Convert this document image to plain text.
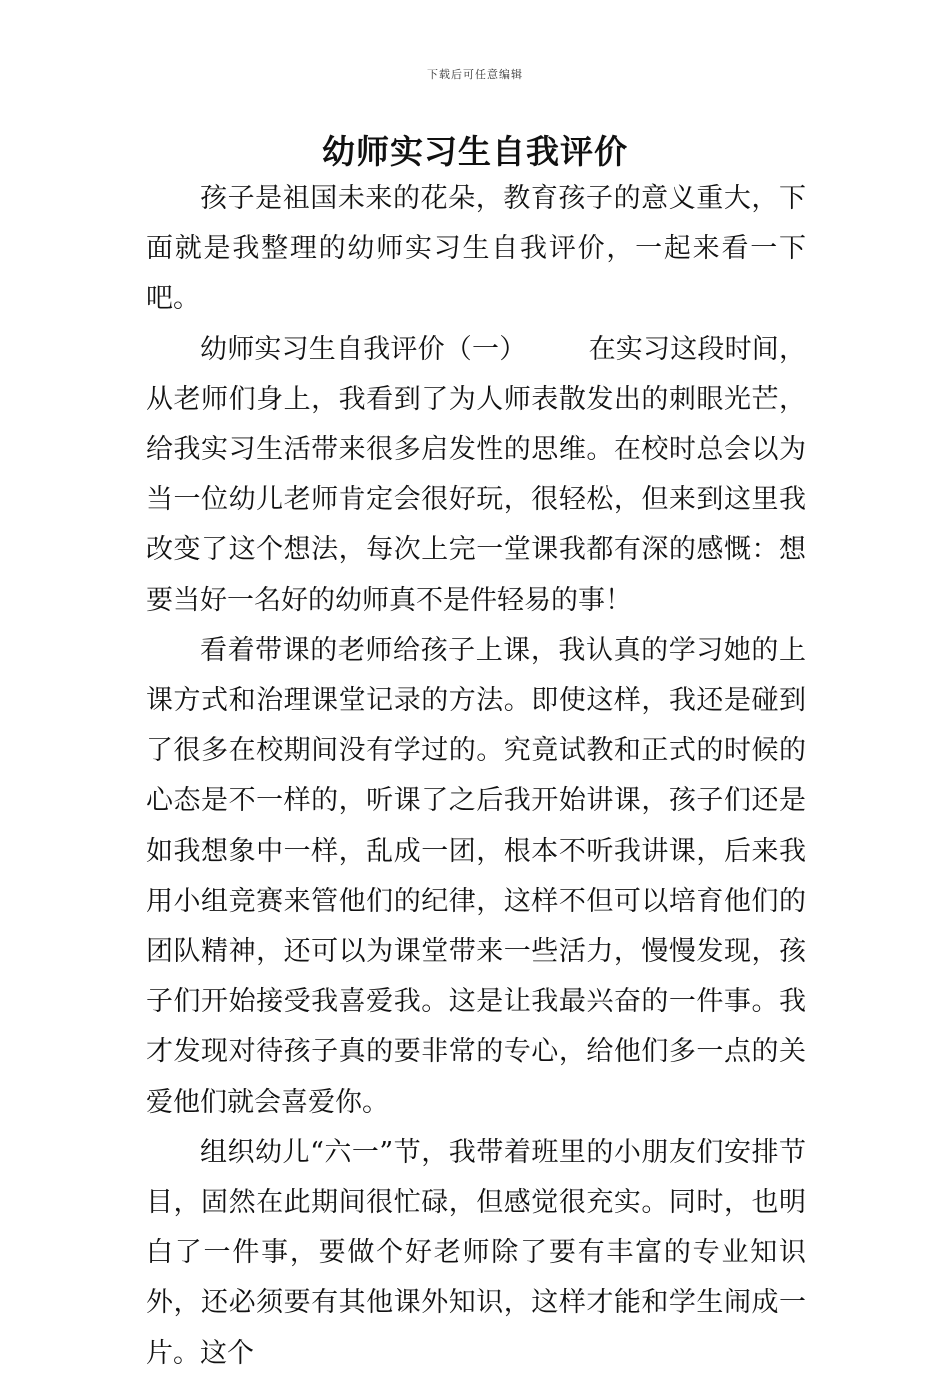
下载后可任意编辑
幼师实习生自我评价

孩子是祖国未来的花朵，教育孩子的意义重大，下面就是我整理的幼师实习生自我评价，一起来看一下吧。

幼师实习生自我评价（一） 在实习这段时间，从老师们身上，我看到了为人师表散发出的刺眼光芒，给我实习生活带来很多启发性的思维。在校时总会以为当一位幼儿老师肯定会很好玩，很轻松，但来到这里我改变了这个想法，每次上完一堂课我都有深的感慨：想要当好一名好的幼师真不是件轻易的事！

看着带课的老师给孩子上课，我认真的学习她的上课方式和治理课堂记录的方法。即使这样，我还是碰到了很多在校期间没有学过的。究竟试教和正式的时候的心态是不一样的，听课了之后我开始讲课，孩子们还是如我想象中一样，乱成一团，根本不听我讲课，后来我用小组竞赛来管他们的纪律，这样不但可以培育他们的团队精神，还可以为课堂带来一些活力，慢慢发现，孩子们开始接受我喜爱我。这是让我最兴奋的一件事。我才发现对待孩子真的要非常的专心，给他们多一点的关爱他们就会喜爱你。

组织幼儿“六一”节，我带着班里的小朋友们安排节目，固然在此期间很忙碌，但感觉很充实。同时，也明白了一件事，要做个好老师除了要有丰富的专业知识外，还必须要有其他课外知识，这样才能和学生闹成一片。这个
